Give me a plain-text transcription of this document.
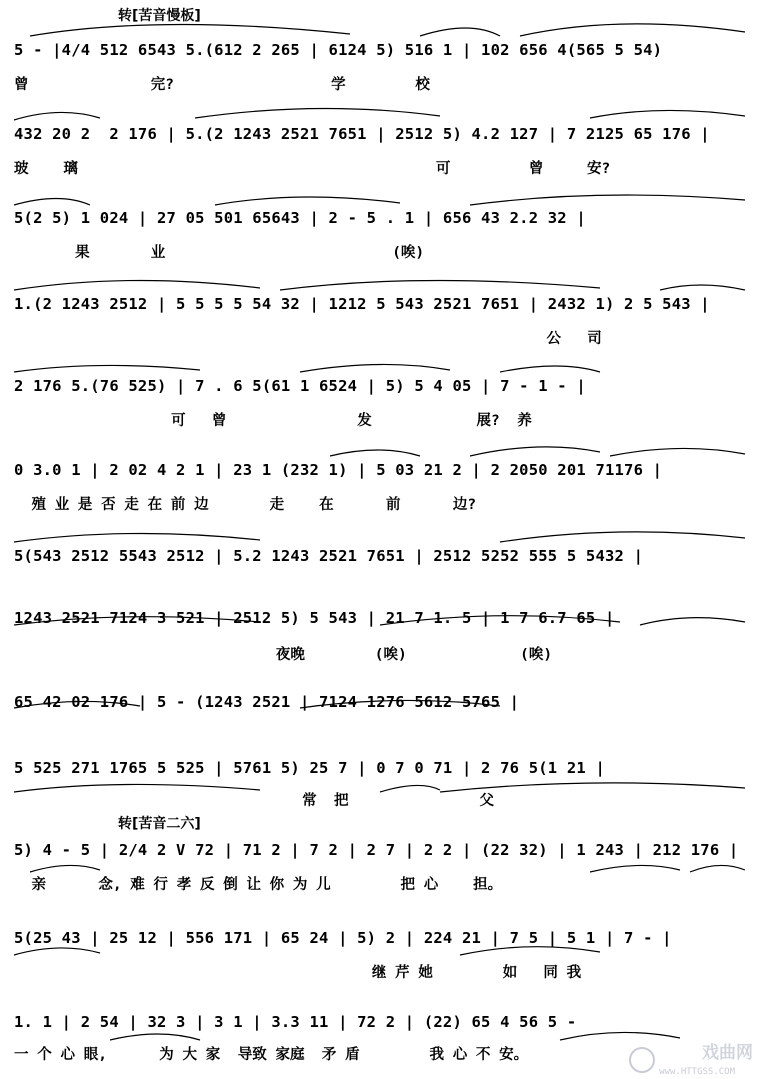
转[苦音慢板]
5 - |4/4 512 6543 5.(612 2 265 | 6124 5) 516 1 | 102 656 4(565 5 54)
曾              完?                  学        校
432 20 2  2 176 | 5.(2 1243 2521 7651 | 2512 5) 4.2 127 | 7 2125 65 176 |
玻    璃                                         可         曾     安?
5(2 5) 1 024 | 27 05 501 65643 | 2 - 5 . 1 | 656 43 2.2 32 |
果       业                          (唉)
1.(2 1243 2512 | 5 5 5 5 54 32 | 1212 5 543 2521 7651 | 2432 1) 2 5 543 |
公   司
2 176 5.(76 525) | 7 . 6 5(61 1 6524 | 5) 5 4 05 | 7 - 1 - |
可   曾               发            展?  养
0 3.0 1 | 2 02 4 2 1 | 23 1 (232 1) | 5 03 21 2 | 2 2050 201 71176 |
殖 业 是 否 走 在 前 边       走    在      前      边?
5(543 2512 5543 2512 | 5.2 1243 2521 7651 | 2512 5252 555 5 5432 |
1243 2521 7124 3 521 | 2512 5) 5 543 | 21 7 1. 5 | 1 7 6.7 65 |
夜晚        (唉)             (唉)
65 42 02 176 | 5 - (1243 2521 | 7124 1276 5612 5765 |
5 525 271 1765 5 525 | 5761 5) 25 7 | 0 7 0 71 | 2 76 5(1 21 |
常  把               父
转[苦音二六]
5) 4 - 5 | 2/4 2 V 72 | 71 2 | 7 2 | 2 7 | 2 2 | (22 32) | 1 243 | 212 176 |
亲      念, 难 行 孝 反 倒 让 你 为 儿        把 心    担。
5(25 43 | 25 12 | 556 171 | 65 24 | 5) 2 | 224 21 | 7 5 | 5 1 | 7 - |
继 芹 她        如   同 我
1. 1 | 2 54 | 32 3 | 3 1 | 3.3 11 | 72 2 | (22) 65 4 56 5 -
一 个 心 眼,      为 大 家  导致 家庭  矛 盾        我 心 不 安。	戏曲网
www.HTTGSS.COM
